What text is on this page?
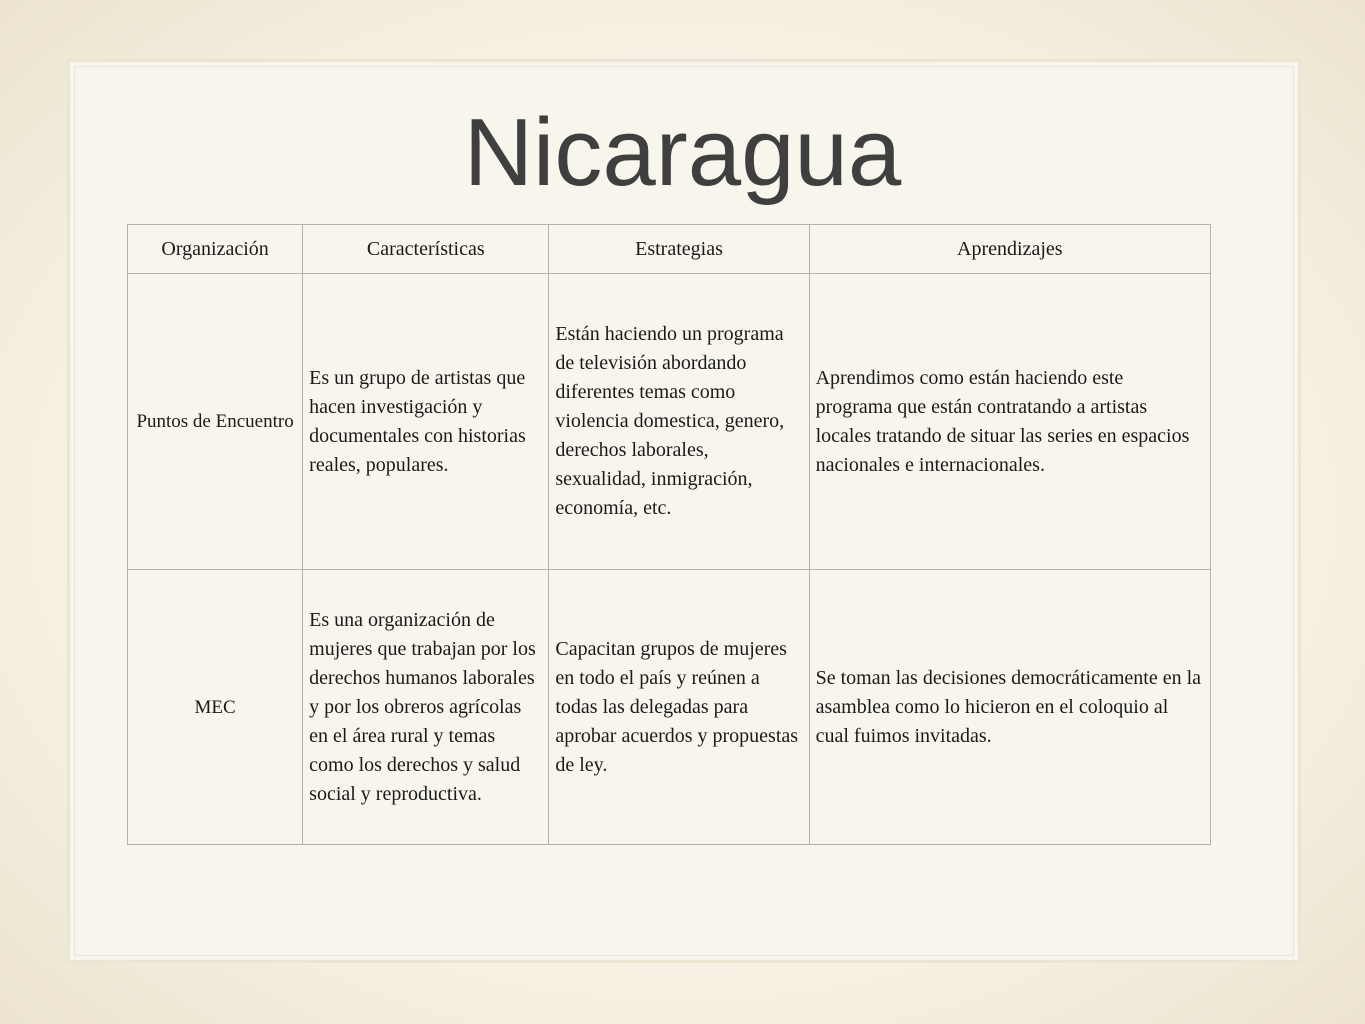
Nicaragua
Organización	Características	Estrategias	Aprendizajes
Puntos de Encuentro	Es un grupo de artistas que hacen investigación y documentales con historias reales, populares.	Están haciendo un programa de televisión abordando diferentes temas como violencia domestica, genero, derechos laborales, sexualidad, inmigración, economía, etc.	Aprendimos como están haciendo este programa que están contratando a artistas locales tratando de situar las series en espacios nacionales e internacionales.
MEC	Es una organización de mujeres que trabajan por los derechos humanos laborales y por los obreros agrícolas en el área rural y temas como los derechos y salud social y reproductiva.	Capacitan grupos de mujeres en todo el país y reúnen a todas las delegadas para aprobar acuerdos y propuestas de ley.	Se toman las decisiones democráticamente en la asamblea como lo hicieron en el coloquio al cual fuimos invitadas.
